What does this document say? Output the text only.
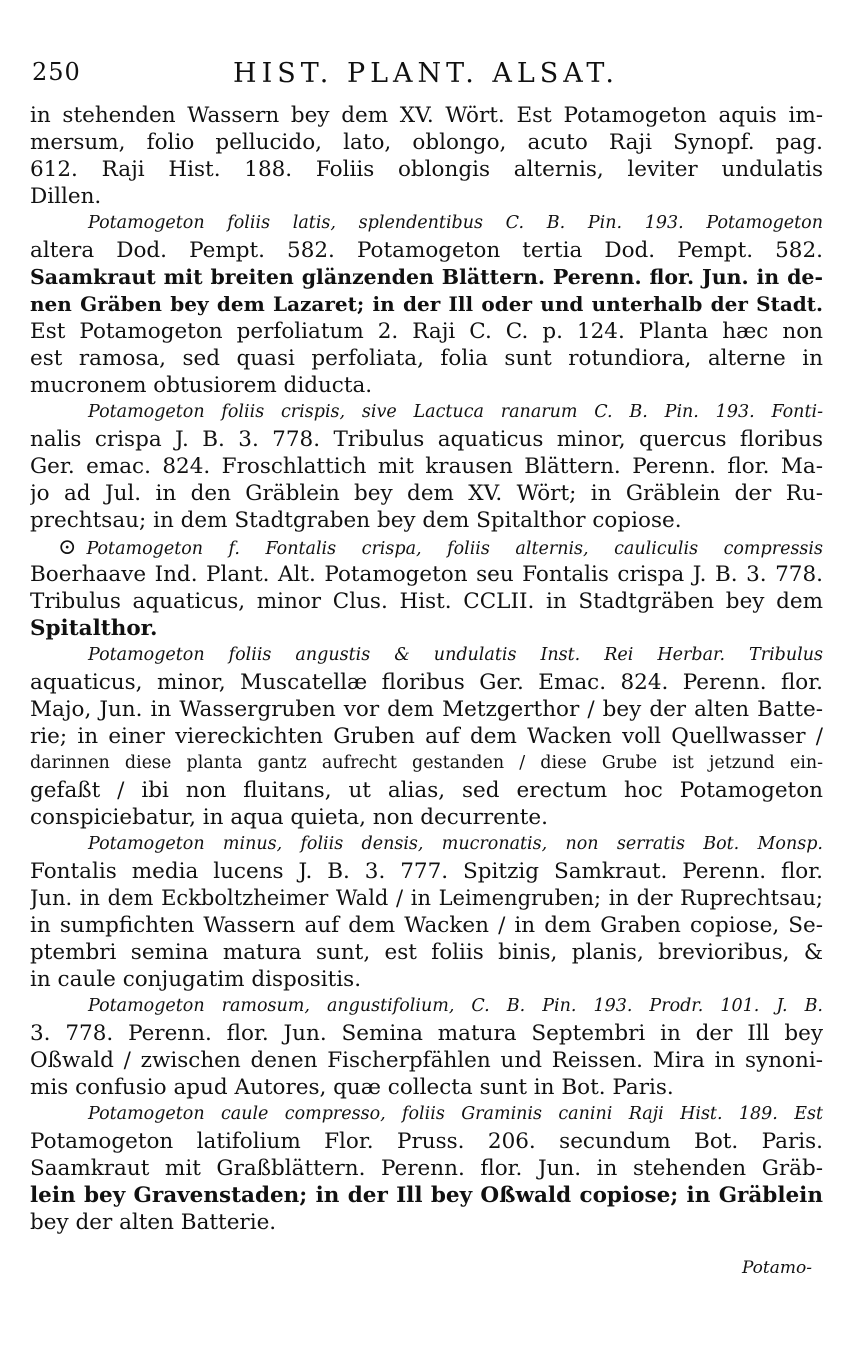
250	HIST. PLANT. ALSAT.
in stehenden Wassern bey dem XV. Wört. Est Potamogeton aquis im-
mersum, folio pellucido, lato, oblongo, acuto Raji Synopf. pag.
612. Raji Hist. 188. Foliis oblongis alternis, leviter undulatis
Dillen.
Potamogeton foliis latis, splendentibus C. B. Pin. 193. Potamogeton
altera Dod. Pempt. 582. Potamogeton tertia Dod. Pempt. 582.
Saamkraut mit breiten glänzenden Blättern. Perenn. flor. Jun. in de-
nen Gräben bey dem Lazaret; in der Ill oder und unterhalb der Stadt.
Est Potamogeton perfoliatum 2. Raji C. C. p. 124. Planta hæc non
est ramosa, sed quasi perfoliata, folia sunt rotundiora, alterne in
mucronem obtusiorem diducta.
Potamogeton foliis crispis, sive Lactuca ranarum C. B. Pin. 193. Fonti-
nalis crispa J. B. 3. 778. Tribulus aquaticus minor, quercus floribus
Ger. emac. 824. Froschlattich mit krausen Blättern. Perenn. flor. Ma-
jo ad Jul. in den Gräblein bey dem XV. Wört; in Gräblein der Ru-
prechtsau; in dem Stadtgraben bey dem Spitalthor copiose.
⊙ Potamogeton f. Fontalis crispa, foliis alternis, cauliculis compressis
Boerhaave Ind. Plant. Alt. Potamogeton seu Fontalis crispa J. B. 3. 778.
Tribulus aquaticus, minor Clus. Hist. CCLII. in Stadtgräben bey dem
Spitalthor.
Potamogeton foliis angustis & undulatis Inst. Rei Herbar. Tribulus
aquaticus, minor, Muscatellæ floribus Ger. Emac. 824. Perenn. flor.
Majo, Jun. in Wassergruben vor dem Metzgerthor / bey der alten Batte-
rie; in einer viereckichten Gruben auf dem Wacken voll Quellwasser /
darinnen diese planta gantz aufrecht gestanden / diese Grube ist jetzund ein-
gefaßt / ibi non fluitans, ut alias, sed erectum hoc Potamogeton
conspiciebatur, in aqua quieta, non decurrente.
Potamogeton minus, foliis densis, mucronatis, non serratis Bot. Monsp.
Fontalis media lucens J. B. 3. 777. Spitzig Samkraut. Perenn. flor.
Jun. in dem Eckboltzheimer Wald / in Leimengruben; in der Ruprechtsau;
in sumpfichten Wassern auf dem Wacken / in dem Graben copiose, Se-
ptembri semina matura sunt, est foliis binis, planis, brevioribus, &
in caule conjugatim dispositis.
Potamogeton ramosum, angustifolium, C. B. Pin. 193. Prodr. 101. J. B.
3. 778. Perenn. flor. Jun. Semina matura Septembri in der Ill bey
Oßwald / zwischen denen Fischerpfählen und Reissen. Mira in synoni-
mis confusio apud Autores, quæ collecta sunt in Bot. Paris.
Potamogeton caule compresso, foliis Graminis canini Raji Hist. 189. Est
Potamogeton latifolium Flor. Pruss. 206. secundum Bot. Paris.
Saamkraut mit Graßblättern. Perenn. flor. Jun. in stehenden Gräb-
lein bey Gravenstaden; in der Ill bey Oßwald copiose; in Gräblein
bey der alten Batterie.
Potamo-
